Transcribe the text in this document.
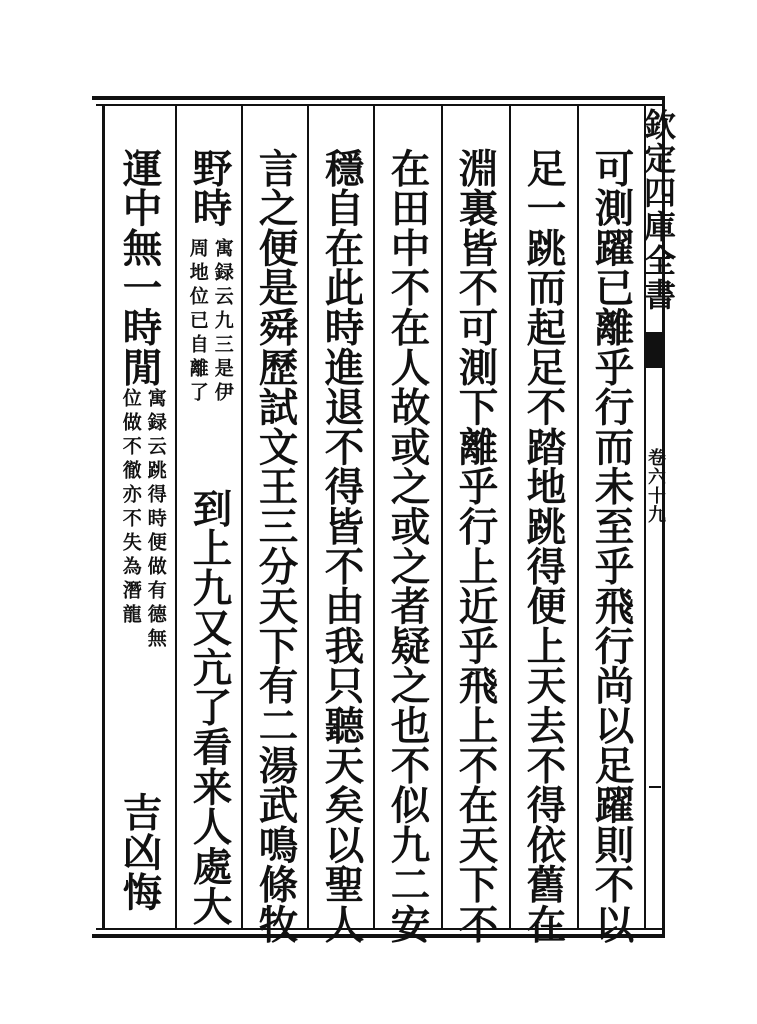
欽定四庫全書
卷六十九
可測躍已離乎行而未至乎飛行尚以足躍則不以
足一跳而起足不踏地跳得便上天去不得依舊在
淵裏皆不可測下離乎行上近乎飛上不在天下不
在田中不在人故或之或之者疑之也不似九二安
穩自在此時進退不得皆不由我只聽天矣以聖人
言之便是舜歷試文王三分天下有二湯武鳴條牧
野時
寓録云九三是伊
周地位已自離了
到上九又亢了看来人處大
運中無一時閒
寓録云跳得時便做有德無
位做不徹亦不失為潛龍
吉凶悔
